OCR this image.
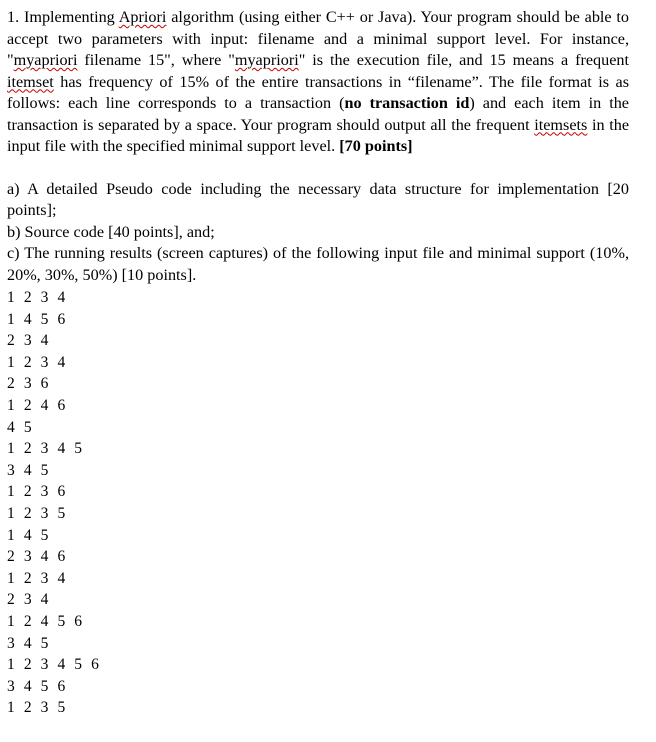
1. Implementing Apriori algorithm (using either C++ or Java). Your program should be able to accept two parameters with input: filename and a minimal support level. For instance, "myapriori filename 15", where "myapriori" is the execution file, and 15 means a frequent itemset has frequency of 15% of the entire transactions in “filename”. The file format is as follows: each line corresponds to a transaction (no transaction id) and each item in the transaction is separated by a space. Your program should output all the frequent itemsets in the input file with the specified minimal support level. [70 points]

a) A detailed Pseudo code including the necessary data structure for implementation [20 points];

b) Source code [40 points], and;

c) The running results (screen captures) of the following input file and minimal support (10%, 20%, 30%, 50%) [10 points].

1 2 3 4

1 4 5 6

2 3 4

1 2 3 4

2 3 6

1 2 4 6

4 5

1 2 3 4 5

3 4 5

1 2 3 6

1 2 3 5

1 4 5

2 3 4 6

1 2 3 4

2 3 4

1 2 4 5 6

3 4 5

1 2 3 4 5 6

3 4 5 6

1 2 3 5
